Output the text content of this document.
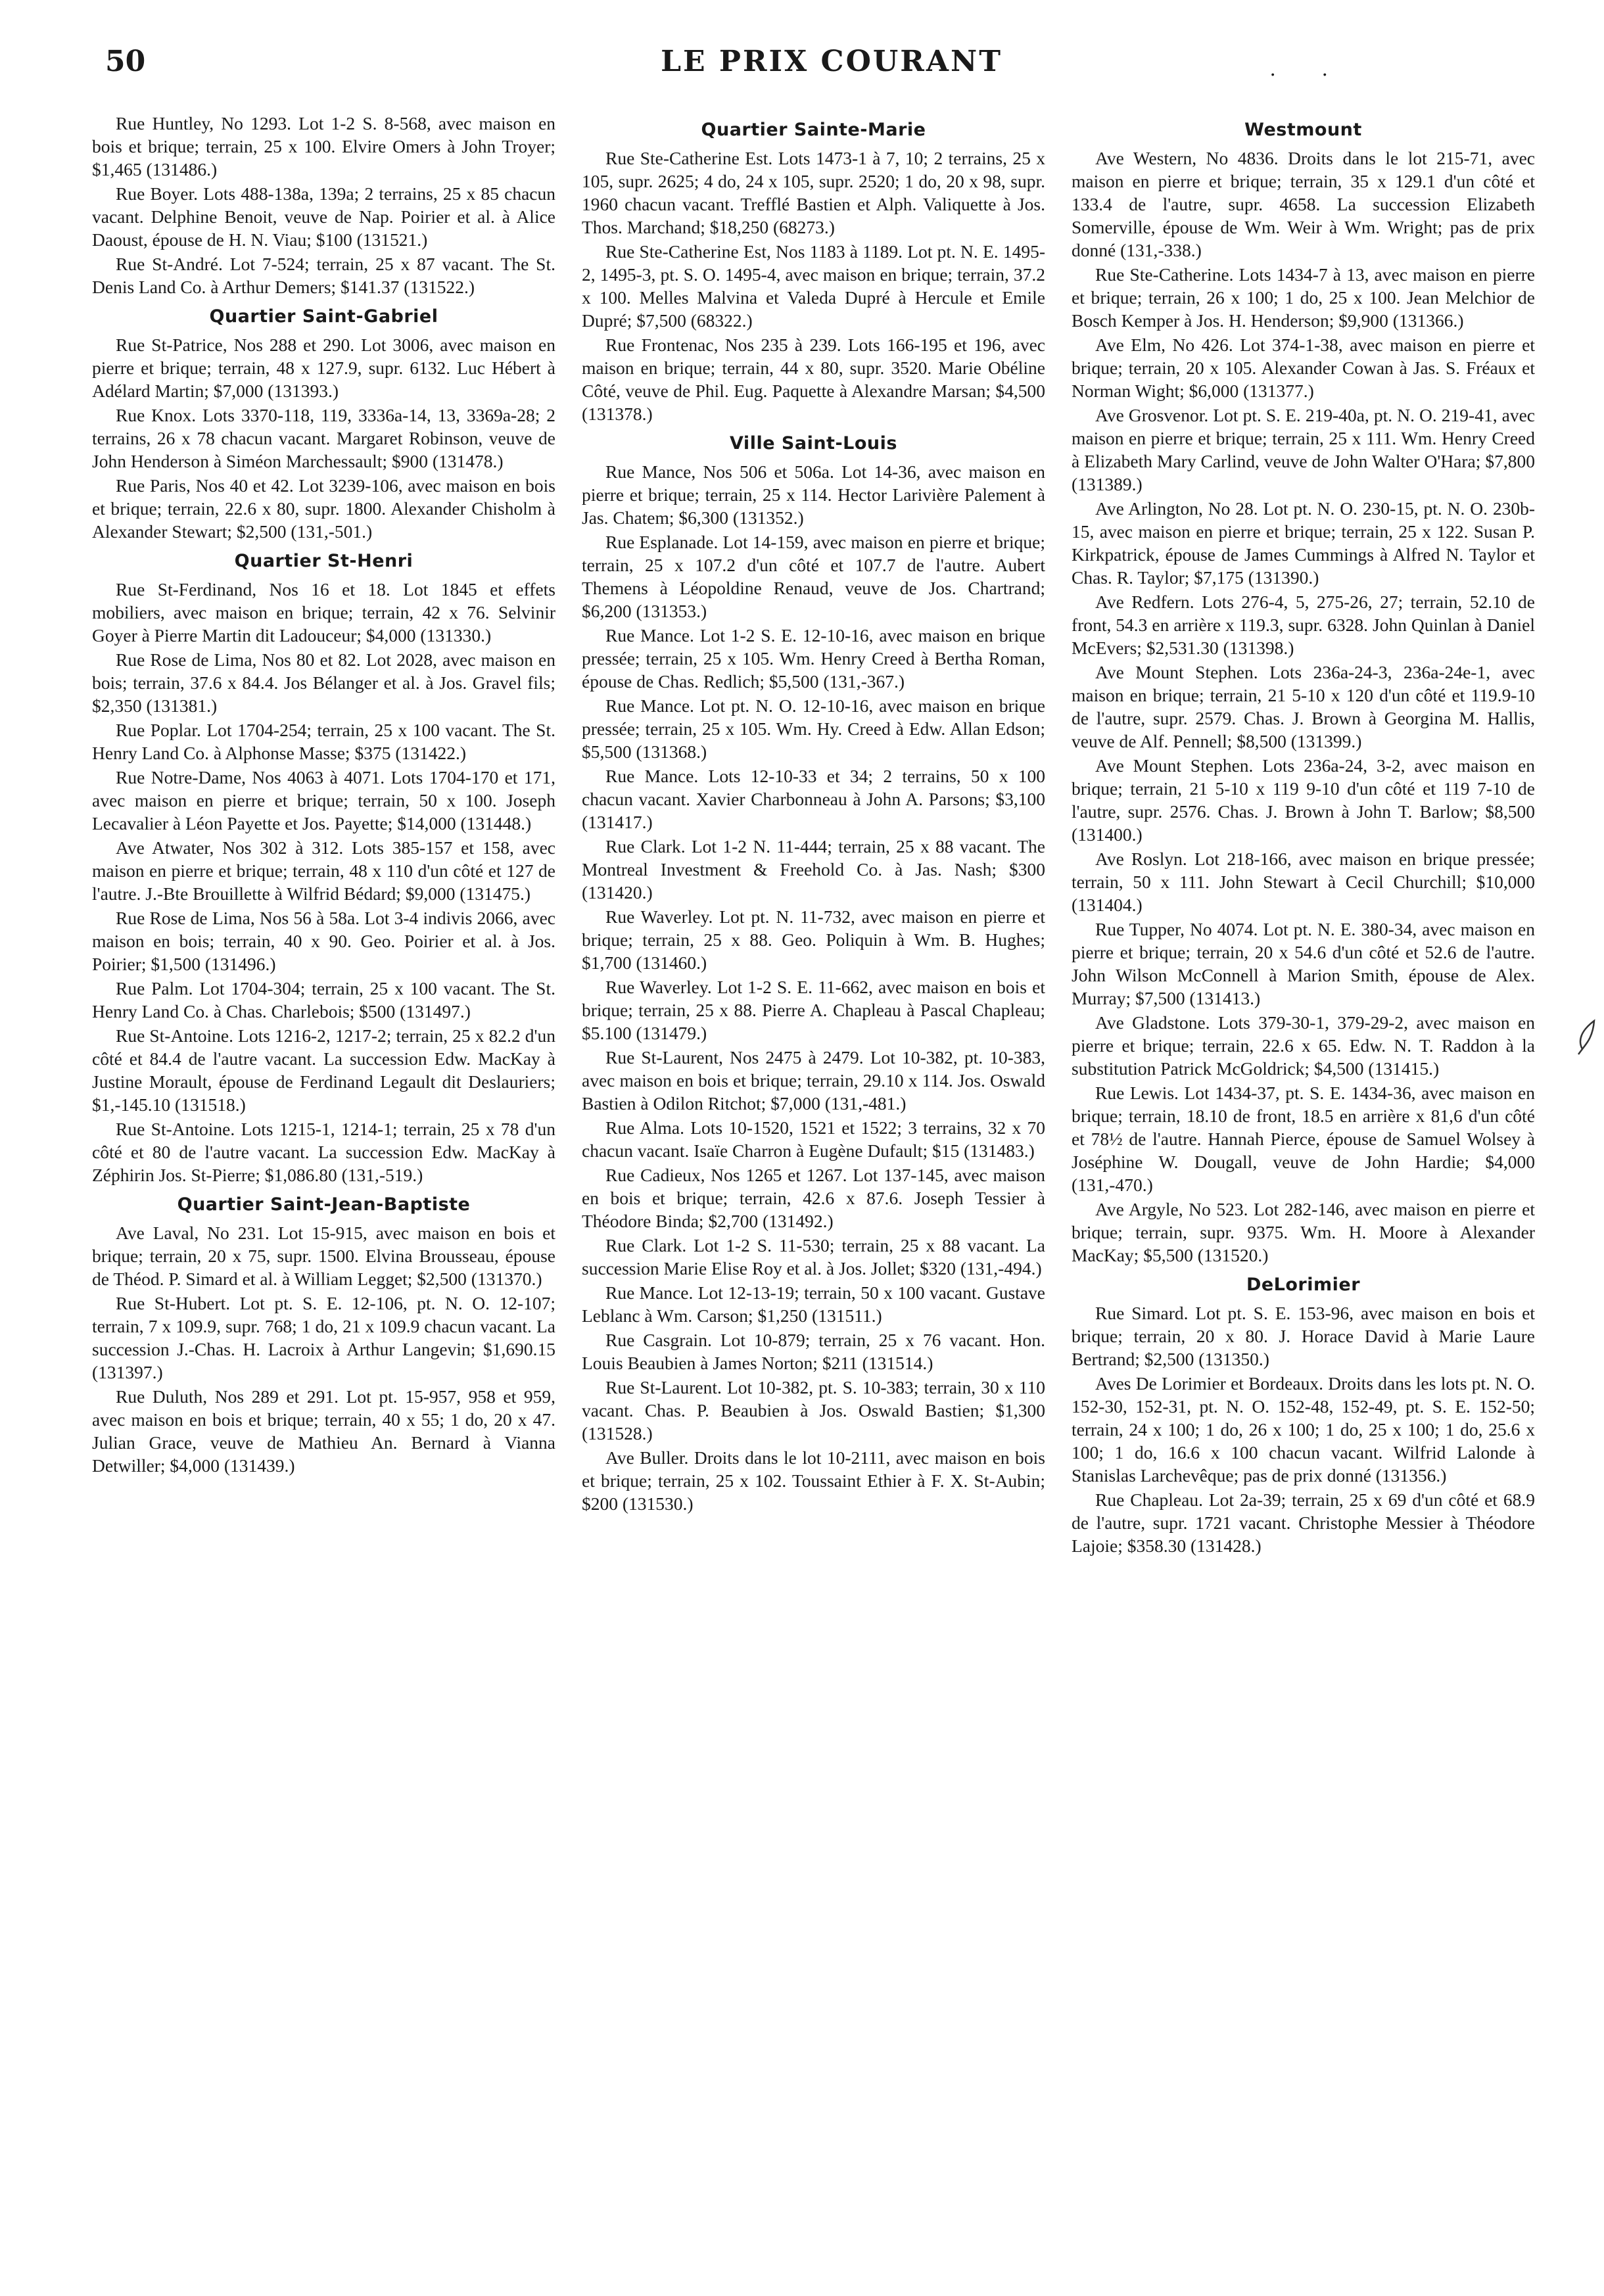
50	LE PRIX COURANT	. .

Rue Huntley, No 1293. Lot 1-2 S. 8-568, avec maison en bois et brique; terrain, 25 x 100. Elvire Omers à John Troyer; $1,465 (131486.)

Rue Boyer. Lots 488-138a, 139a; 2 terrains, 25 x 85 chacun vacant. Delphine Benoit, veuve de Nap. Poirier et al. à Alice Daoust, épouse de H. N. Viau; $100 (131521.)

Rue St-André. Lot 7-524; terrain, 25 x 87 vacant. The St. Denis Land Co. à Arthur Demers; $141.37 (131522.)

Quartier Saint-Gabriel

Rue St-Patrice, Nos 288 et 290. Lot 3006, avec maison en pierre et brique; terrain, 48 x 127.9, supr. 6132. Luc Hébert à Adélard Martin; $7,000 (131393.)

Rue Knox. Lots 3370-118, 119, 3336a-14, 13, 3369a-28; 2 terrains, 26 x 78 chacun vacant. Margaret Robinson, veuve de John Henderson à Siméon Marchessault; $900 (131478.)

Rue Paris, Nos 40 et 42. Lot 3239-106, avec maison en bois et brique; terrain, 22.6 x 80, supr. 1800. Alexander Chisholm à Alexander Stewart; $2,500 (131,-501.)

Quartier St-Henri

Rue St-Ferdinand, Nos 16 et 18. Lot 1845 et effets mobiliers, avec maison en brique; terrain, 42 x 76. Selvinir Goyer à Pierre Martin dit Ladouceur; $4,000 (131330.)

Rue Rose de Lima, Nos 80 et 82. Lot 2028, avec maison en bois; terrain, 37.6 x 84.4. Jos Bélanger et al. à Jos. Gravel fils; $2,350 (131381.)

Rue Poplar. Lot 1704-254; terrain, 25 x 100 vacant. The St. Henry Land Co. à Alphonse Masse; $375 (131422.)

Rue Notre-Dame, Nos 4063 à 4071. Lots 1704-170 et 171, avec maison en pierre et brique; terrain, 50 x 100. Joseph Lecavalier à Léon Payette et Jos. Payette; $14,000 (131448.)

Ave Atwater, Nos 302 à 312. Lots 385-157 et 158, avec maison en pierre et brique; terrain, 48 x 110 d'un côté et 127 de l'autre. J.-Bte Brouillette à Wilfrid Bédard; $9,000 (131475.)

Rue Rose de Lima, Nos 56 à 58a. Lot 3-4 indivis 2066, avec maison en bois; terrain, 40 x 90. Geo. Poirier et al. à Jos. Poirier; $1,500 (131496.)

Rue Palm. Lot 1704-304; terrain, 25 x 100 vacant. The St. Henry Land Co. à Chas. Charlebois; $500 (131497.)

Rue St-Antoine. Lots 1216-2, 1217-2; terrain, 25 x 82.2 d'un côté et 84.4 de l'autre vacant. La succession Edw. MacKay à Justine Morault, épouse de Ferdinand Legault dit Deslauriers; $1,-145.10 (131518.)

Rue St-Antoine. Lots 1215-1, 1214-1; terrain, 25 x 78 d'un côté et 80 de l'autre vacant. La succession Edw. MacKay à Zéphirin Jos. St-Pierre; $1,086.80 (131,-519.)

Quartier Saint-Jean-Baptiste

Ave Laval, No 231. Lot 15-915, avec maison en bois et brique; terrain, 20 x 75, supr. 1500. Elvina Brousseau, épouse de Théod. P. Simard et al. à William Legget; $2,500 (131370.)

Rue St-Hubert. Lot pt. S. E. 12-106, pt. N. O. 12-107; terrain, 7 x 109.9, supr. 768; 1 do, 21 x 109.9 chacun vacant. La succession J.-Chas. H. Lacroix à Arthur Langevin; $1,690.15 (131397.)

Rue Duluth, Nos 289 et 291. Lot pt. 15-957, 958 et 959, avec maison en bois et brique; terrain, 40 x 55; 1 do, 20 x 47. Julian Grace, veuve de Mathieu An. Bernard à Vianna Detwiller; $4,000 (131439.)

Quartier Sainte-Marie

Rue Ste-Catherine Est. Lots 1473-1 à 7, 10; 2 terrains, 25 x 105, supr. 2625; 4 do, 24 x 105, supr. 2520; 1 do, 20 x 98, supr. 1960 chacun vacant. Trefflé Bastien et Alph. Valiquette à Jos. Thos. Marchand; $18,250 (68273.)

Rue Ste-Catherine Est, Nos 1183 à 1189. Lot pt. N. E. 1495-2, 1495-3, pt. S. O. 1495-4, avec maison en brique; terrain, 37.2 x 100. Melles Malvina et Valeda Dupré à Hercule et Emile Dupré; $7,500 (68322.)

Rue Frontenac, Nos 235 à 239. Lots 166-195 et 196, avec maison en brique; terrain, 44 x 80, supr. 3520. Marie Obéline Côté, veuve de Phil. Eug. Paquette à Alexandre Marsan; $4,500 (131378.)

Ville Saint-Louis

Rue Mance, Nos 506 et 506a. Lot 14-36, avec maison en pierre et brique; terrain, 25 x 114. Hector Larivière Palement à Jas. Chatem; $6,300 (131352.)

Rue Esplanade. Lot 14-159, avec maison en pierre et brique; terrain, 25 x 107.2 d'un côté et 107.7 de l'autre. Aubert Themens à Léopoldine Renaud, veuve de Jos. Chartrand; $6,200 (131353.)

Rue Mance. Lot 1-2 S. E. 12-10-16, avec maison en brique pressée; terrain, 25 x 105. Wm. Henry Creed à Bertha Roman, épouse de Chas. Redlich; $5,500 (131,-367.)

Rue Mance. Lot pt. N. O. 12-10-16, avec maison en brique pressée; terrain, 25 x 105. Wm. Hy. Creed à Edw. Allan Edson; $5,500 (131368.)

Rue Mance. Lots 12-10-33 et 34; 2 terrains, 50 x 100 chacun vacant. Xavier Charbonneau à John A. Parsons; $3,100 (131417.)

Rue Clark. Lot 1-2 N. 11-444; terrain, 25 x 88 vacant. The Montreal Investment & Freehold Co. à Jas. Nash; $300 (131420.)

Rue Waverley. Lot pt. N. 11-732, avec maison en pierre et brique; terrain, 25 x 88. Geo. Poliquin à Wm. B. Hughes; $1,700 (131460.)

Rue Waverley. Lot 1-2 S. E. 11-662, avec maison en bois et brique; terrain, 25 x 88. Pierre A. Chapleau à Pascal Chapleau; $5.100 (131479.)

Rue St-Laurent, Nos 2475 à 2479. Lot 10-382, pt. 10-383, avec maison en bois et brique; terrain, 29.10 x 114. Jos. Oswald Bastien à Odilon Ritchot; $7,000 (131,-481.)

Rue Alma. Lots 10-1520, 1521 et 1522; 3 terrains, 32 x 70 chacun vacant. Isaïe Charron à Eugène Dufault; $15 (131483.)

Rue Cadieux, Nos 1265 et 1267. Lot 137-145, avec maison en bois et brique; terrain, 42.6 x 87.6. Joseph Tessier à Théodore Binda; $2,700 (131492.)

Rue Clark. Lot 1-2 S. 11-530; terrain, 25 x 88 vacant. La succession Marie Elise Roy et al. à Jos. Jollet; $320 (131,-494.)

Rue Mance. Lot 12-13-19; terrain, 50 x 100 vacant. Gustave Leblanc à Wm. Carson; $1,250 (131511.)

Rue Casgrain. Lot 10-879; terrain, 25 x 76 vacant. Hon. Louis Beaubien à James Norton; $211 (131514.)

Rue St-Laurent. Lot 10-382, pt. S. 10-383; terrain, 30 x 110 vacant. Chas. P. Beaubien à Jos. Oswald Bastien; $1,300 (131528.)

Ave Buller. Droits dans le lot 10-2111, avec maison en bois et brique; terrain, 25 x 102. Toussaint Ethier à F. X. St-Aubin; $200 (131530.)

Westmount

Ave Western, No 4836. Droits dans le lot 215-71, avec maison en pierre et brique; terrain, 35 x 129.1 d'un côté et 133.4 de l'autre, supr. 4658. La succession Elizabeth Somerville, épouse de Wm. Weir à Wm. Wright; pas de prix donné (131,-338.)

Rue Ste-Catherine. Lots 1434-7 à 13, avec maison en pierre et brique; terrain, 26 x 100; 1 do, 25 x 100. Jean Melchior de Bosch Kemper à Jos. H. Henderson; $9,900 (131366.)

Ave Elm, No 426. Lot 374-1-38, avec maison en pierre et brique; terrain, 20 x 105. Alexander Cowan à Jas. S. Fréaux et Norman Wight; $6,000 (131377.)

Ave Grosvenor. Lot pt. S. E. 219-40a, pt. N. O. 219-41, avec maison en pierre et brique; terrain, 25 x 111. Wm. Henry Creed à Elizabeth Mary Carlind, veuve de John Walter O'Hara; $7,800 (131389.)

Ave Arlington, No 28. Lot pt. N. O. 230-15, pt. N. O. 230b-15, avec maison en pierre et brique; terrain, 25 x 122. Susan P. Kirkpatrick, épouse de James Cummings à Alfred N. Taylor et Chas. R. Taylor; $7,175 (131390.)

Ave Redfern. Lots 276-4, 5, 275-26, 27; terrain, 52.10 de front, 54.3 en arrière x 119.3, supr. 6328. John Quinlan à Daniel McEvers; $2,531.30 (131398.)

Ave Mount Stephen. Lots 236a-24-3, 236a-24e-1, avec maison en brique; terrain, 21 5-10 x 120 d'un côté et 119.9-10 de l'autre, supr. 2579. Chas. J. Brown à Georgina M. Hallis, veuve de Alf. Pennell; $8,500 (131399.)

Ave Mount Stephen. Lots 236a-24, 3-2, avec maison en brique; terrain, 21 5-10 x 119 9-10 d'un côté et 119 7-10 de l'autre, supr. 2576. Chas. J. Brown à John T. Barlow; $8,500 (131400.)

Ave Roslyn. Lot 218-166, avec maison en brique pressée; terrain, 50 x 111. John Stewart à Cecil Churchill; $10,000 (131404.)

Rue Tupper, No 4074. Lot pt. N. E. 380-34, avec maison en pierre et brique; terrain, 20 x 54.6 d'un côté et 52.6 de l'autre. John Wilson McConnell à Marion Smith, épouse de Alex. Murray; $7,500 (131413.)

Ave Gladstone. Lots 379-30-1, 379-29-2, avec maison en pierre et brique; terrain, 22.6 x 65. Edw. N. T. Raddon à la substitution Patrick McGoldrick; $4,500 (131415.)

Rue Lewis. Lot 1434-37, pt. S. E. 1434-36, avec maison en brique; terrain, 18.10 de front, 18.5 en arrière x 81,6 d'un côté et 78½ de l'autre. Hannah Pierce, épouse de Samuel Wolsey à Joséphine W. Dougall, veuve de John Hardie; $4,000 (131,-470.)

Ave Argyle, No 523. Lot 282-146, avec maison en pierre et brique; terrain, supr. 9375. Wm. H. Moore à Alexander MacKay; $5,500 (131520.)

DeLorimier

Rue Simard. Lot pt. S. E. 153-96, avec maison en bois et brique; terrain, 20 x 80. J. Horace David à Marie Laure Bertrand; $2,500 (131350.)

Aves De Lorimier et Bordeaux. Droits dans les lots pt. N. O. 152-30, 152-31, pt. N. O. 152-48, 152-49, pt. S. E. 152-50; terrain, 24 x 100; 1 do, 26 x 100; 1 do, 25 x 100; 1 do, 25.6 x 100; 1 do, 16.6 x 100 chacun vacant. Wilfrid Lalonde à Stanislas Larchevêque; pas de prix donné (131356.)

Rue Chapleau. Lot 2a-39; terrain, 25 x 69 d'un côté et 68.9 de l'autre, supr. 1721 vacant. Christophe Messier à Théodore Lajoie; $358.30 (131428.)
